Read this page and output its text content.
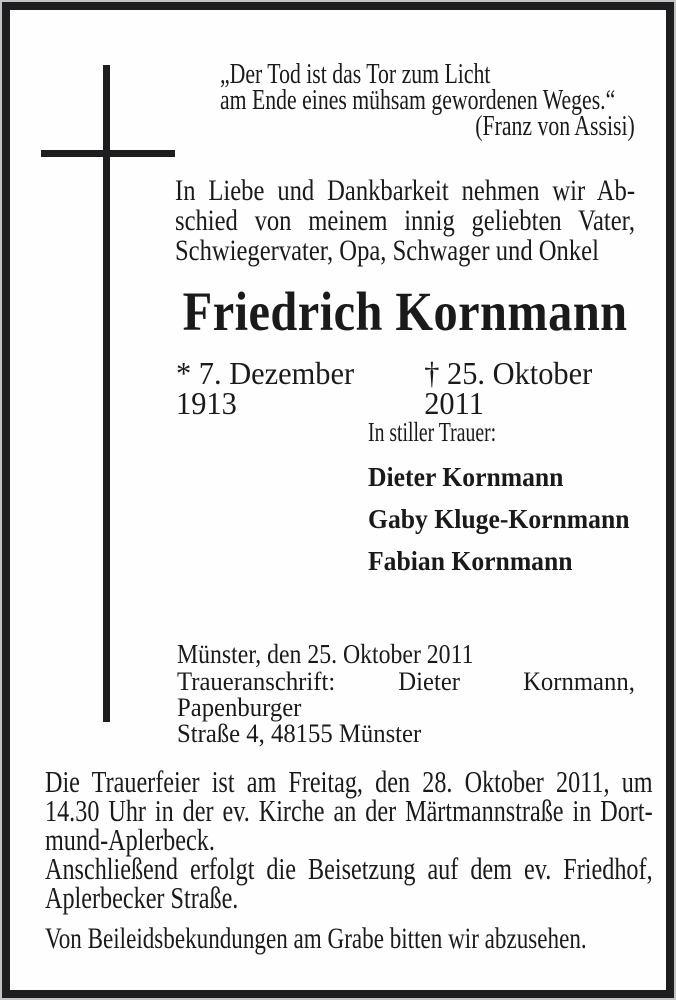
„Der Tod ist das Tor zum Licht
am Ende eines mühsam gewordenen Weges.“
(Franz von Assisi)
In Liebe und Dankbarkeit nehmen wir Ab-
schied von meinem innig geliebten Vater,
Schwiegervater, Opa, Schwager und Onkel
Friedrich Kornmann
* 7. Dezember 1913
† 25. Oktober 2011
In stiller Trauer:
Dieter Kornmann
Gaby Kluge-Kornmann
Fabian Kornmann
Münster, den 25. Oktober 2011
Traueranschrift: Dieter Kornmann, Papenburger
Straße 4, 48155 Münster
Die Trauerfeier ist am Freitag, den 28. Oktober 2011, um
14.30 Uhr in der ev. Kirche an der Märtmannstraße in Dort-
mund-Aplerbeck.
Anschließend erfolgt die Beisetzung auf dem ev. Friedhof,
Aplerbecker Straße.
Von Beileidsbekundungen am Grabe bitten wir abzusehen.
